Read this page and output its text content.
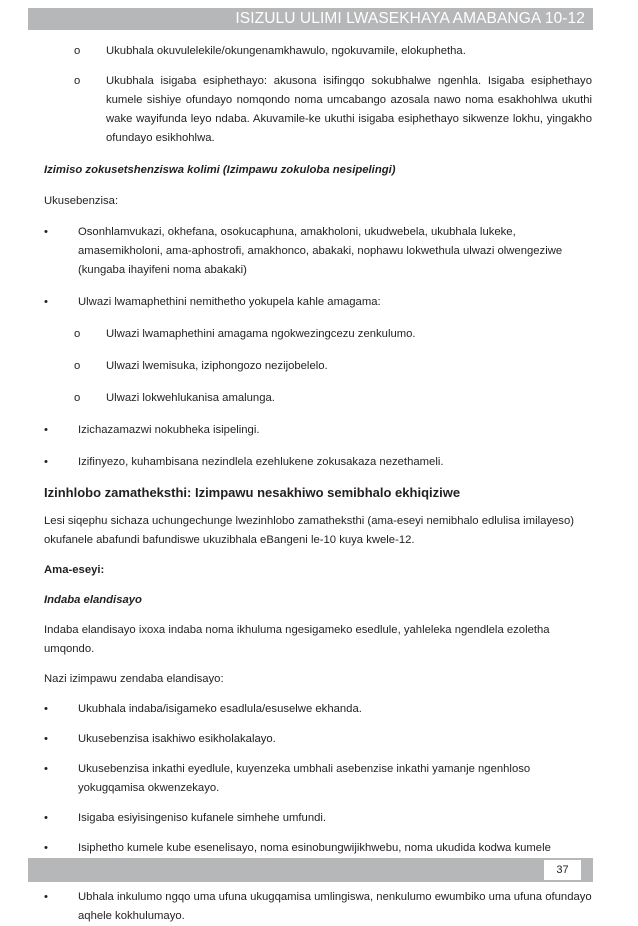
ISIZULU ULIMI LWASEKHAYA AMABANGA 10-12
o Ukubhala okuvulelekile/okungenamkhawulo, ngokuvamile, elokuphetha.
o Ukubhala isigaba esiphethayo: akusona isifingqo sokubhalwe ngenhla. Isigaba esiphethayo kumele sishiye ofundayo nomqondo noma umcabango azosala nawo noma esakhohlwa ukuthi wake wayifunda leyo ndaba. Akuvamile-ke ukuthi isigaba esiphethayo sikwenze lokhu, yingakho ofundayo esikhohlwa.
Izimiso zokusetshenziswa kolimi (Izimpawu zokuloba nesipelingi)
Ukusebenzisa:
•	Osonhlamvukazi, okhefana, osokucaphuna, amakholoni, ukudwebela, ukubhala lukeke, amasemikholoni, ama-aphostrofi, amakhonco, abakaki, nophawu lokwethula ulwazi olwengeziwe (kungaba ihayifeni noma abakaki)
•	Ulwazi lwamaphethini nemithetho yokupela kahle amagama:
o Ulwazi lwamaphethini amagama ngokwezingcezu zenkulumo.
o Ulwazi lwemisuka, iziphongozo nezijobelelo.
o Ulwazi lokwehlukanisa amalunga.
•	Izichazamazwi nokubheka isipelingi.
•	Izifinyezo, kuhambisana nezindlela ezehlukene zokusakaza nezethameli.
Izinhlobo zamatheksthi: Izimpawu nesakhiwo semibhalo ekhiqiziwe
Lesi siqephu sichaza uchungechunge lwezinhlobo zamatheksthi (ama-eseyi nemibhalo edlulisa imilayeso) okufanele abafundi bafundiswe ukuzibhala eBangeni le-10 kuya kwele-12.
Ama-eseyi:
Indaba elandisayo
Indaba elandisayo ixoxa indaba noma ikhuluma ngesigameko esedlule, yahleleka ngendlela ezoletha umqondo.
Nazi izimpawu zendaba elandisayo:
•	Ukubhala indaba/isigameko esadlula/esuselwe ekhanda.
•	Ukusebenzisa isakhiwo esikholakalayo.
•	Ukusebenzisa inkathi eyedlule, kuyenzeka umbhali asebenzise inkathi yamanje ngenhloso yokugqamisa okwenzekayo.
•	Isigaba esiyisingeniso kufanele simhehe umfundi.
•	Isiphetho kumele kube esenelisayo, noma esinobungwijikhwebu, noma ukudida kodwa kumele
•	Ubhala inkulumo ngqo uma ufuna ukugqamisa umlingiswa, nenkulumo ewumbiko uma ufuna ofundayo aqhele kokhulumayo.
37
